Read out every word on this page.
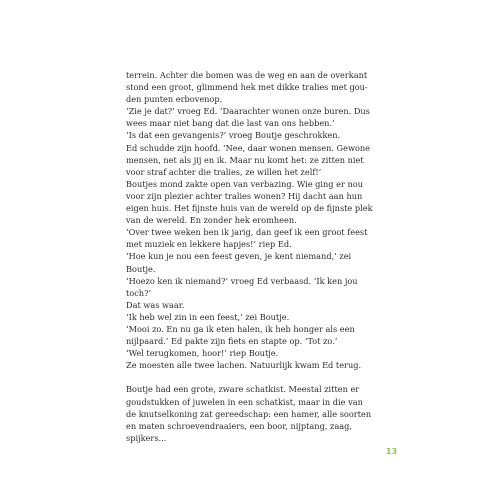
terrein. Achter die bomen was de weg en aan de overkant
stond een groot, glimmend hek met dikke tralies met gou-
den punten erbovenop.
‘Zie je dat?’ vroeg Ed. ‘Daarachter wonen onze buren. Dus
wees maar niet bang dat die last van ons hebben.’
‘Is dat een gevangenis?’ vroeg Boutje geschrokken.
Ed schudde zijn hoofd. ‘Nee, daar wonen mensen. Gewone
mensen, net als jij en ik. Maar nu komt het: ze zitten niet
voor straf achter die tralies, ze willen het zelf!’
Boutjes mond zakte open van verbazing. Wie ging er nou
voor zijn plezier achter tralies wonen? Hij dacht aan hun
eigen huis. Het fijnste huis van de wereld op de fijnste plek
van de wereld. En zonder hek eromheen.
‘Over twee weken ben ik jarig, dan geef ik een groot feest
met muziek en lekkere hapjes!’ riep Ed.
‘Hoe kun je nou een feest geven, je kent niemand,’ zei
Boutje.
‘Hoezo ken ik niemand?’ vroeg Ed verbaasd. ‘Ik ken jou
toch?’
Dat was waar.
‘Ik heb wel zin in een feest,’ zei Boutje.
‘Mooi zo. En nu ga ik eten halen, ik heb honger als een
nijlpaard.’ Ed pakte zijn fiets en stapte op. ‘Tot zo.’
‘Wel terugkomen, hoor!’ riep Boutje.
Ze moesten alle twee lachen. Natuurlijk kwam Ed terug.
Boutje had een grote, zware schatkist. Meestal zitten er
goudstukken of juwelen in een schatkist, maar in die van
de knutselkoning zat gereedschap: een hamer, alle soorten
en maten schroevendraaiers, een boor, nijptang, zaag,
spijkers...
13
